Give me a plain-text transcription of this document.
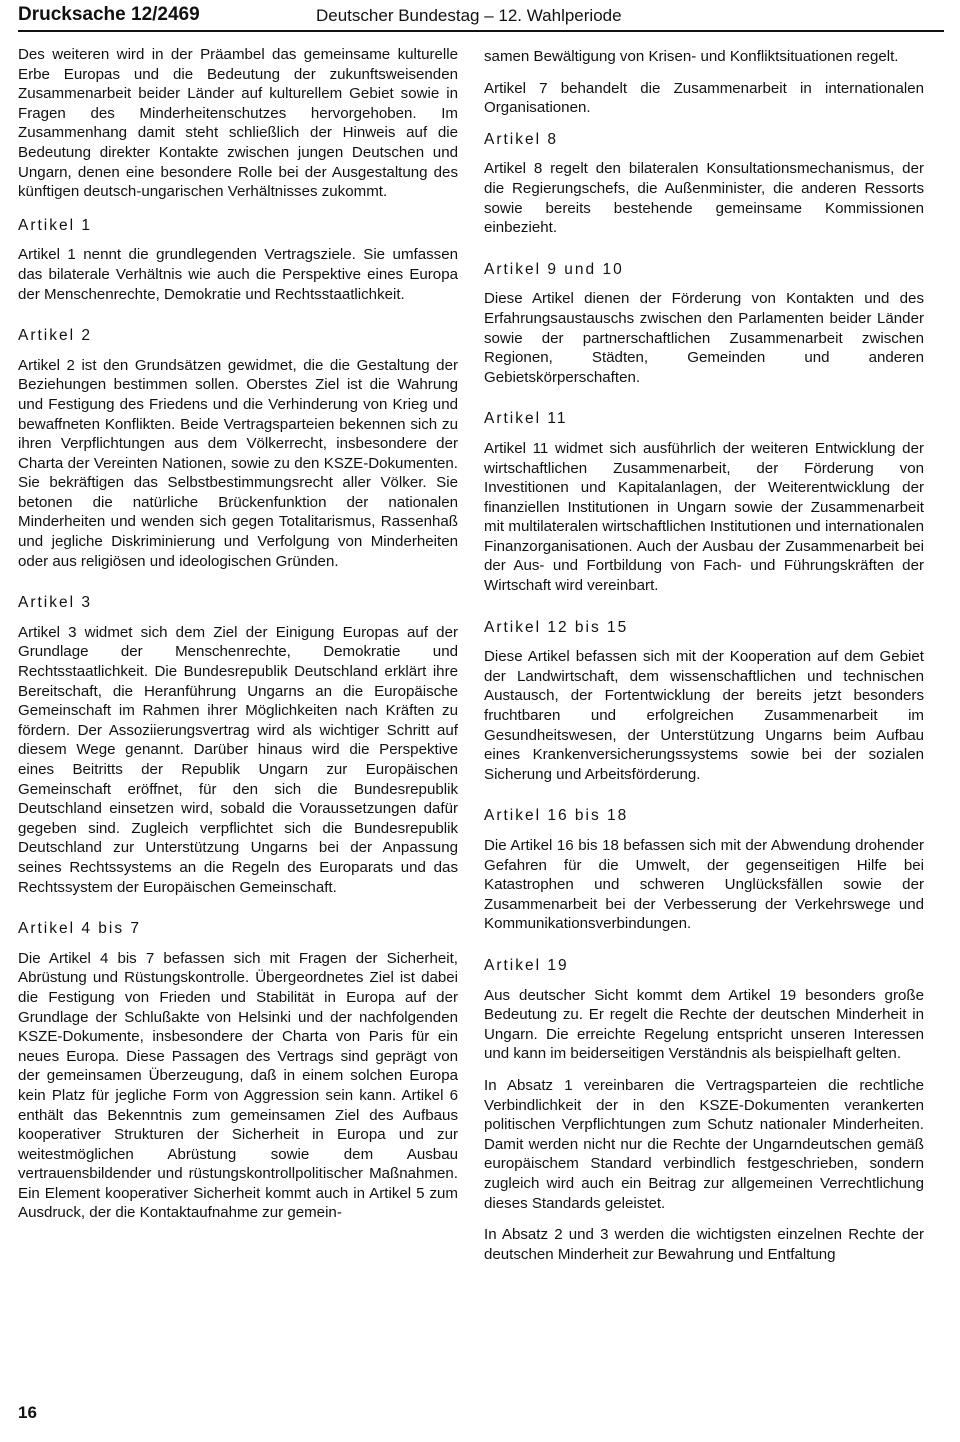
Drucksache 12/2469	Deutscher Bundestag – 12. Wahlperiode

Des weiteren wird in der Präambel das gemeinsame kulturelle Erbe Europas und die Bedeutung der zukunftsweisenden Zusammenarbeit beider Länder auf kulturellem Gebiet sowie in Fragen des Minderheitenschutzes hervorgehoben. Im Zusammenhang damit steht schließlich der Hinweis auf die Bedeutung direkter Kontakte zwischen jungen Deutschen und Ungarn, denen eine besondere Rolle bei der Ausgestaltung des künftigen deutsch-ungarischen Verhältnisses zukommt.

Artikel 1

Artikel 1 nennt die grundlegenden Vertragsziele. Sie umfassen das bilaterale Verhältnis wie auch die Perspektive eines Europa der Menschenrechte, Demokratie und Rechtsstaatlichkeit.

Artikel 2

Artikel 2 ist den Grundsätzen gewidmet, die die Gestaltung der Beziehungen bestimmen sollen. Oberstes Ziel ist die Wahrung und Festigung des Friedens und die Verhinderung von Krieg und bewaffneten Konflikten. Beide Vertragsparteien bekennen sich zu ihren Verpflichtungen aus dem Völkerrecht, insbesondere der Charta der Vereinten Nationen, sowie zu den KSZE-Dokumenten. Sie bekräftigen das Selbstbestimmungsrecht aller Völker. Sie betonen die natürliche Brückenfunktion der nationalen Minderheiten und wenden sich gegen Totalitarismus, Rassenhaß und jegliche Diskriminierung und Verfolgung von Minderheiten oder aus religiösen und ideologischen Gründen.

Artikel 3

Artikel 3 widmet sich dem Ziel der Einigung Europas auf der Grundlage der Menschenrechte, Demokratie und Rechtsstaatlichkeit. Die Bundesrepublik Deutschland erklärt ihre Bereitschaft, die Heranführung Ungarns an die Europäische Gemeinschaft im Rahmen ihrer Möglichkeiten nach Kräften zu fördern. Der Assoziierungsvertrag wird als wichtiger Schritt auf diesem Wege genannt. Darüber hinaus wird die Perspektive eines Beitritts der Republik Ungarn zur Europäischen Gemeinschaft eröffnet, für den sich die Bundesrepublik Deutschland einsetzen wird, sobald die Voraussetzungen dafür gegeben sind. Zugleich verpflichtet sich die Bundesrepublik Deutschland zur Unterstützung Ungarns bei der Anpassung seines Rechtssystems an die Regeln des Europarats und das Rechtssystem der Europäischen Gemeinschaft.

Artikel 4 bis 7

Die Artikel 4 bis 7 befassen sich mit Fragen der Sicherheit, Abrüstung und Rüstungskontrolle. Übergeordnetes Ziel ist dabei die Festigung von Frieden und Stabilität in Europa auf der Grundlage der Schlußakte von Helsinki und der nachfolgenden KSZE-Dokumente, insbesondere der Charta von Paris für ein neues Europa. Diese Passagen des Vertrags sind geprägt von der gemeinsamen Überzeugung, daß in einem solchen Europa kein Platz für jegliche Form von Aggression sein kann. Artikel 6 enthält das Bekenntnis zum gemeinsamen Ziel des Aufbaus kooperativer Strukturen der Sicherheit in Europa und zur weitestmöglichen Abrüstung sowie dem Ausbau vertrauensbildender und rüstungskontrollpolitischer Maßnahmen. Ein Element kooperativer Sicherheit kommt auch in Artikel 5 zum Ausdruck, der die Kontaktaufnahme zur gemein-

samen Bewältigung von Krisen- und Konfliktsituationen regelt.

Artikel 7 behandelt die Zusammenarbeit in internationalen Organisationen.

Artikel 8

Artikel 8 regelt den bilateralen Konsultationsmechanismus, der die Regierungschefs, die Außenminister, die anderen Ressorts sowie bereits bestehende gemeinsame Kommissionen einbezieht.

Artikel 9 und 10

Diese Artikel dienen der Förderung von Kontakten und des Erfahrungsaustauschs zwischen den Parlamenten beider Länder sowie der partnerschaftlichen Zusammenarbeit zwischen Regionen, Städten, Gemeinden und anderen Gebietskörperschaften.

Artikel 11

Artikel 11 widmet sich ausführlich der weiteren Entwicklung der wirtschaftlichen Zusammenarbeit, der Förderung von Investitionen und Kapitalanlagen, der Weiterentwicklung der finanziellen Institutionen in Ungarn sowie der Zusammenarbeit mit multilateralen wirtschaftlichen Institutionen und internationalen Finanzorganisationen. Auch der Ausbau der Zusammenarbeit bei der Aus- und Fortbildung von Fach- und Führungskräften der Wirtschaft wird vereinbart.

Artikel 12 bis 15

Diese Artikel befassen sich mit der Kooperation auf dem Gebiet der Landwirtschaft, dem wissenschaftlichen und technischen Austausch, der Fortentwicklung der bereits jetzt besonders fruchtbaren und erfolgreichen Zusammenarbeit im Gesundheitswesen, der Unterstützung Ungarns beim Aufbau eines Krankenversicherungssystems sowie bei der sozialen Sicherung und Arbeitsförderung.

Artikel 16 bis 18

Die Artikel 16 bis 18 befassen sich mit der Abwendung drohender Gefahren für die Umwelt, der gegenseitigen Hilfe bei Katastrophen und schweren Unglücksfällen sowie der Zusammenarbeit bei der Verbesserung der Verkehrswege und Kommunikationsverbindungen.

Artikel 19

Aus deutscher Sicht kommt dem Artikel 19 besonders große Bedeutung zu. Er regelt die Rechte der deutschen Minderheit in Ungarn. Die erreichte Regelung entspricht unseren Interessen und kann im beiderseitigen Verständnis als beispielhaft gelten.

In Absatz 1 vereinbaren die Vertragsparteien die rechtliche Verbindlichkeit der in den KSZE-Dokumenten verankerten politischen Verpflichtungen zum Schutz nationaler Minderheiten. Damit werden nicht nur die Rechte der Ungarndeutschen gemäß europäischem Standard verbindlich festgeschrieben, sondern zugleich wird auch ein Beitrag zur allgemeinen Verrechtlichung dieses Standards geleistet.

In Absatz 2 und 3 werden die wichtigsten einzelnen Rechte der deutschen Minderheit zur Bewahrung und Entfaltung

16
